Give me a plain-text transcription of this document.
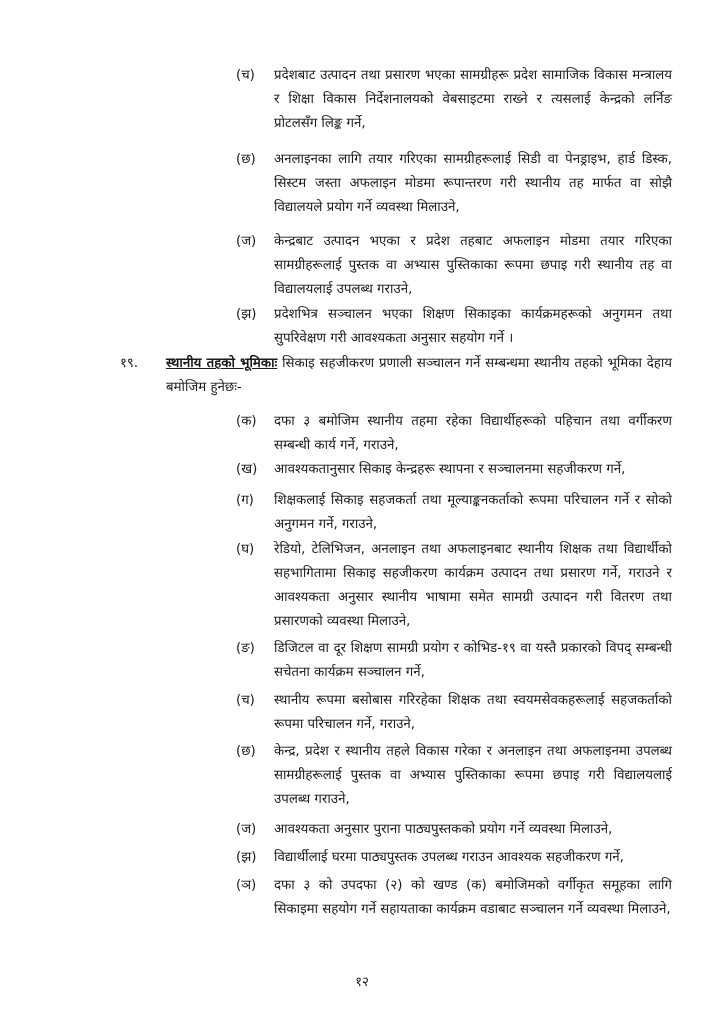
(च) प्रदेशबाट उत्पादन तथा प्रसारण भएका सामग्रीहरू प्रदेश सामाजिक विकास मन्त्रालय र शिक्षा विकास निर्देशनालयको वेबसाइटमा राख्ने र त्यसलाई केन्द्रको लर्निङ प्रोटलसँग लिङ्क गर्ने,
(छ) अनलाइनका लागि तयार गरिएका सामग्रीहरूलाई सिडी वा पेनड्राइभ, हार्ड डिस्क, सिस्टम जस्ता अफलाइन मोडमा रूपान्तरण गरी स्थानीय तह मार्फत वा सोझै विद्यालयले प्रयोग गर्ने व्यवस्था मिलाउने,
(ज) केन्द्रबाट उत्पादन भएका र प्रदेश तहबाट अफलाइन मोडमा तयार गरिएका सामग्रीहरूलाई पुस्तक वा अभ्यास पुस्तिकाका रूपमा छपाइ गरी स्थानीय तह वा विद्यालयलाई उपलब्ध गराउने,
(झ) प्रदेशभित्र सञ्चालन भएका शिक्षण सिकाइका कार्यक्रमहरूको अनुगमन तथा सुपरिवेक्षण गरी आवश्यकता अनुसार सहयोग गर्ने ।
१९. स्थानीय तहको भूमिकाः सिकाइ सहजीकरण प्रणाली सञ्चालन गर्ने सम्बन्धमा स्थानीय तहको भूमिका देहाय बमोजिम हुनेछः-
(क) दफा ३ बमोजिम स्थानीय तहमा रहेका विद्यार्थीहरूको पहिचान तथा वर्गीकरण सम्बन्धी कार्य गर्ने, गराउने,
(ख) आवश्यकतानुसार सिकाइ केन्द्रहरू स्थापना र सञ्चालनमा सहजीकरण गर्ने,
(ग) शिक्षकलाई सिकाइ सहजकर्ता तथा मूल्याङ्कनकर्ताको रूपमा परिचालन गर्ने र सोको अनुगमन गर्ने, गराउने,
(घ) रेडियो, टेलिभिजन, अनलाइन तथा अफलाइनबाट स्थानीय शिक्षक तथा विद्यार्थीको सहभागितामा सिकाइ सहजीकरण कार्यक्रम उत्पादन तथा प्रसारण गर्ने, गराउने र आवश्यकता अनुसार स्थानीय भाषामा समेत सामग्री उत्पादन गरी वितरण तथा प्रसारणको व्यवस्था मिलाउने,
(ङ) डिजिटल वा दूर शिक्षण सामग्री प्रयोग र कोभिड-१९ वा यस्तै प्रकारको विपद् सम्बन्धी सचेतना कार्यक्रम सञ्चालन गर्ने,
(च) स्थानीय रूपमा बसोबास गरिरहेका शिक्षक तथा स्वयमसेवकहरूलाई सहजकर्ताको रूपमा परिचालन गर्ने, गराउने,
(छ) केन्द्र, प्रदेश र स्थानीय तहले विकास गरेका र अनलाइन तथा अफलाइनमा उपलब्ध सामग्रीहरूलाई पुस्तक वा अभ्यास पुस्तिकाका रूपमा छपाइ गरी विद्यालयलाई उपलब्ध गराउने,
(ज) आवश्यकता अनुसार पुराना पाठ्यपुस्तकको प्रयोग गर्ने व्यवस्था मिलाउने,
(झ) विद्यार्थीलाई घरमा पाठ्यपुस्तक उपलब्ध गराउन आवश्यक सहजीकरण गर्ने,
(ञ) दफा ३ को उपदफा (२) को खण्ड (क) बमोजिमको वर्गीकृत समूहका लागि सिकाइमा सहयोग गर्ने सहायताका कार्यक्रम वडाबाट सञ्चालन गर्ने व्यवस्था मिलाउने,
१२
